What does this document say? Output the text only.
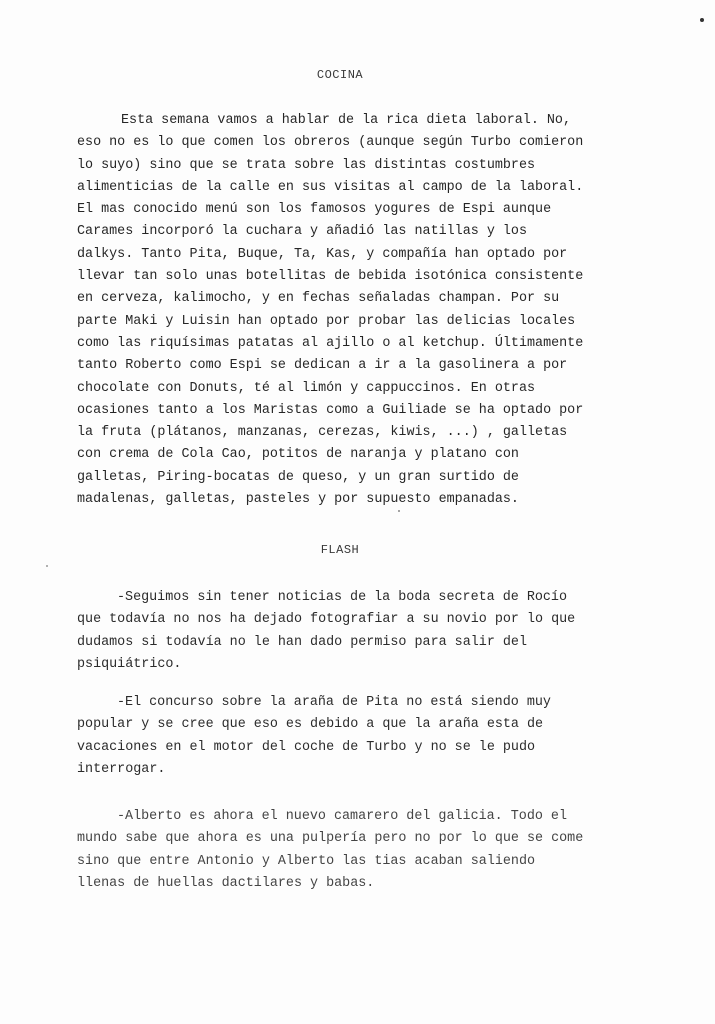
COCINA
Esta semana vamos a hablar de la rica dieta laboral. No,
eso no es lo que comen los obreros (aunque según Turbo comieron
lo suyo) sino que se trata sobre las distintas costumbres
alimenticias de la calle en sus visitas al campo de la laboral.
El mas conocido menú son los famosos yogures de Espi aunque
Carames incorporó la cuchara y añadió las natillas y los
dalkys. Tanto Pita, Buque, Ta, Kas, y compañía han optado por
llevar tan solo unas botellitas de bebida isotónica consistente
en cerveza, kalimocho, y en fechas señaladas champan. Por su
parte Maki y Luisin han optado por probar las delicias locales
como las riquísimas patatas al ajillo o al ketchup. Últimamente
tanto Roberto como Espi se dedican a ir a la gasolinera a por
chocolate con Donuts, té al limón y cappuccinos. En otras
ocasiones tanto a los Maristas como a Guiliade se ha optado por
la fruta (plátanos, manzanas, cerezas, kiwis, ...) , galletas
con crema de Cola Cao, potitos de naranja y platano con
galletas, Piring-bocatas de queso, y un gran surtido de
madalenas, galletas, pasteles y por supuesto empanadas.
FLASH
-Seguimos sin tener noticias de la boda secreta de Rocío
que todavía no nos ha dejado fotografiar a su novio por lo que
dudamos si todavía no le han dado permiso para salir del
psiquiátrico.
-El concurso sobre la araña de Pita no está siendo muy
popular y se cree que eso es debido a que la araña esta de
vacaciones en el motor del coche de Turbo y no se le pudo
interrogar.
-Alberto es ahora el nuevo camarero del galicia. Todo el
mundo sabe que ahora es una pulpería pero no por lo que se come
sino que entre Antonio y Alberto las tias acaban saliendo
llenas de huellas dactilares y babas.
